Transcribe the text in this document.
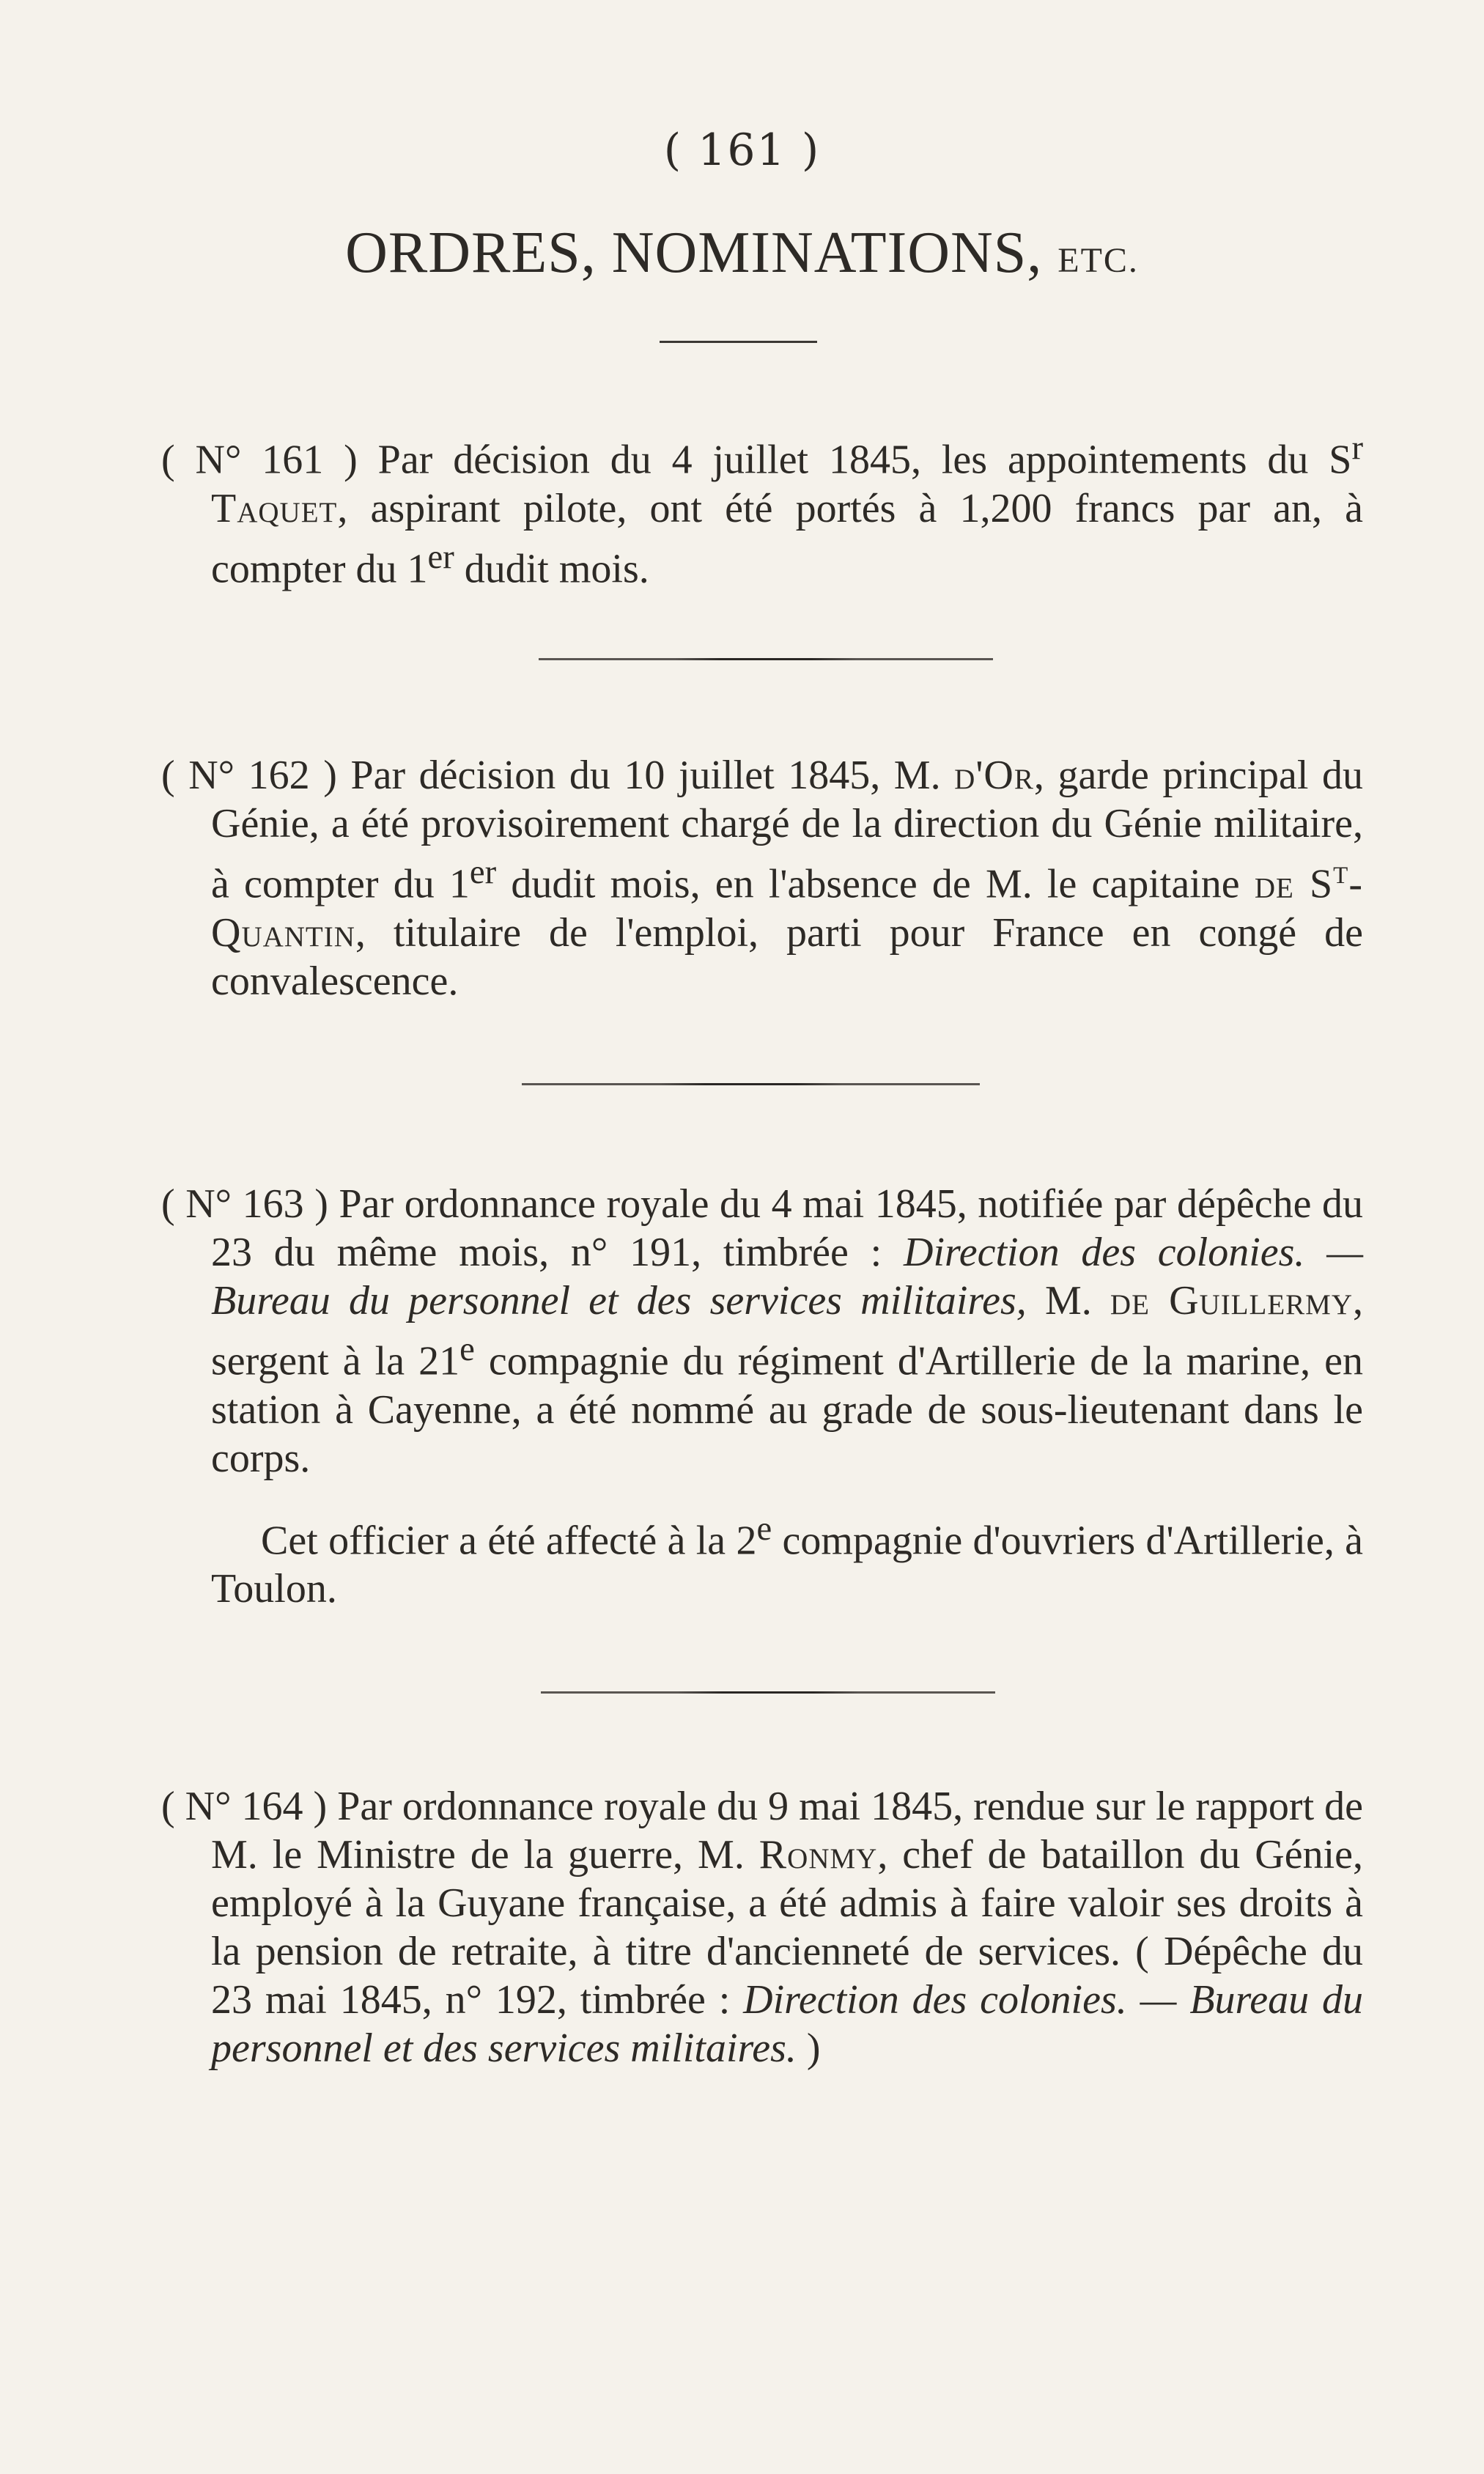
( 161 )
ORDRES, NOMINATIONS, ETC.
( N° 161 ) Par décision du 4 juillet 1845, les appointements du $S^r$ Taquet, aspirant pilote, ont été portés à 1,200 francs par an, à compter du 1er dudit mois.
( N° 162 ) Par décision du 10 juillet 1845, M. d'Or, garde principal du Génie, a été provisoirement chargé de la direction du Génie militaire, à compter du 1er dudit mois, en l'absence de M. le capitaine de $S^t$-Quantin, titulaire de l'emploi, parti pour France en congé de convalescence.
( N° 163 ) Par ordonnance royale du 4 mai 1845, notifiée par dépêche du 23 du même mois, n° 191, timbrée : Direction des colonies. — Bureau du personnel et des services militaires, M. de Guillermy, sergent à la 21e compagnie du régiment d'Artillerie de la marine, en station à Cayenne, a été nommé au grade de sous-lieutenant dans le corps.
Cet officier a été affecté à la 2e compagnie d'ouvriers d'Artillerie, à Toulon.
( N° 164 ) Par ordonnance royale du 9 mai 1845, rendue sur le rapport de M. le Ministre de la guerre, M. Ronmy, chef de bataillon du Génie, employé à la Guyane française, a été admis à faire valoir ses droits à la pension de retraite, à titre d'ancienneté de services. ( Dépêche du 23 mai 1845, n° 192, timbrée : Direction des colonies. — Bureau du personnel et des services militaires. )
